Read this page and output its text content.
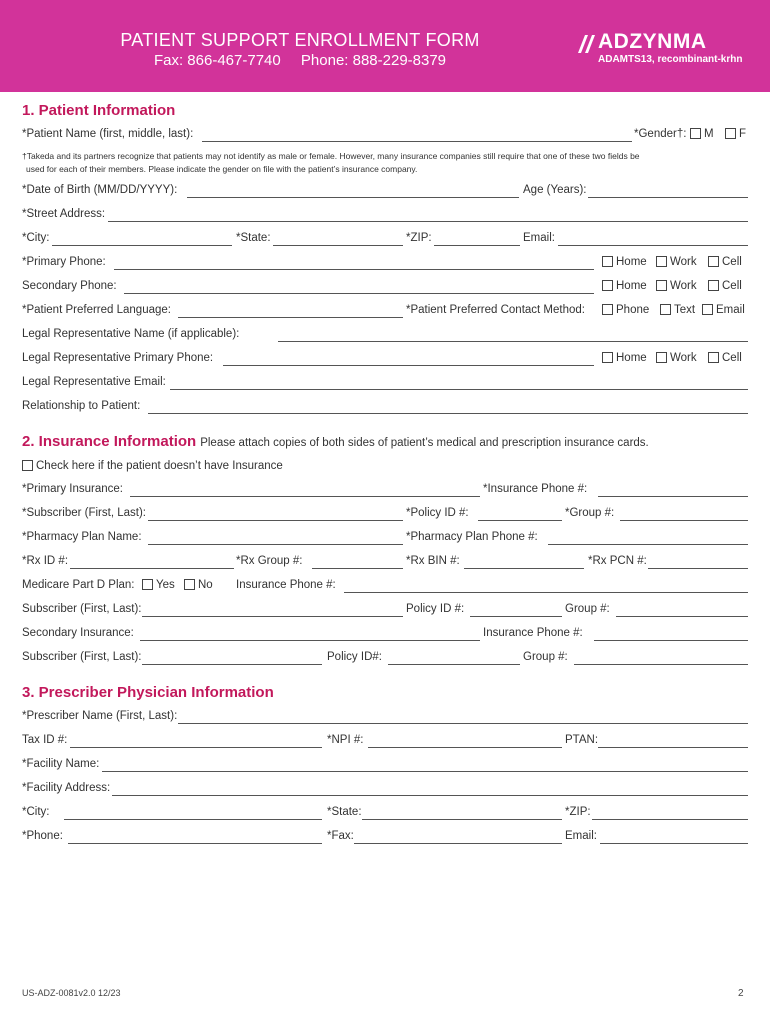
PATIENT SUPPORT ENROLLMENT FORM
Fax: 866-467-7740 Phone: 888-229-8379
ADZYNMA
ADAMTS13, recombinant-krhn
1. Patient Information
*Patient Name (first, middle, last):	*Gender†:	M	F
†Takeda and its partners recognize that patients may not identify as male or female. However, many insurance companies still require that one of these two fields be
used for each of their members. Please indicate the gender on file with the patient’s insurance company.
*Date of Birth (MM/DD/YYYY):	Age (Years):
*Street Address:
*City:	*State:	*ZIP:	Email:
*Primary Phone:	Home	Work	Cell
Secondary Phone:	Home	Work	Cell
*Patient Preferred Language:	*Patient Preferred Contact Method:	Phone	Text	Email
Legal Representative Name (if applicable):
Legal Representative Primary Phone:	Home	Work	Cell
Legal Representative Email:
Relationship to Patient:
2. Insurance Information Please attach copies of both sides of patient’s medical and prescription insurance cards.
Check here if the patient doesn’t have Insurance
*Primary Insurance:	*Insurance Phone #:
*Subscriber (First, Last):	*Policy ID #:	*Group #:
*Pharmacy Plan Name:	*Pharmacy Plan Phone #:
*Rx ID #:	*Rx Group #:	*Rx BIN #:	*Rx PCN #:
Medicare Part D Plan:	Yes	No Insurance Phone #:
Subscriber (First, Last):	Policy ID #:	Group #:
Secondary Insurance:	Insurance Phone #:
Subscriber (First, Last):	Policy ID#:	Group #:
3. Prescriber Physician Information
*Prescriber Name (First, Last):
Tax ID #:	*NPI #:	PTAN:
*Facility Name:
*Facility Address:
*City:	*State:	*ZIP:
*Phone:	*Fax:	Email:
US-ADZ-0081v2.0 12/23	2
